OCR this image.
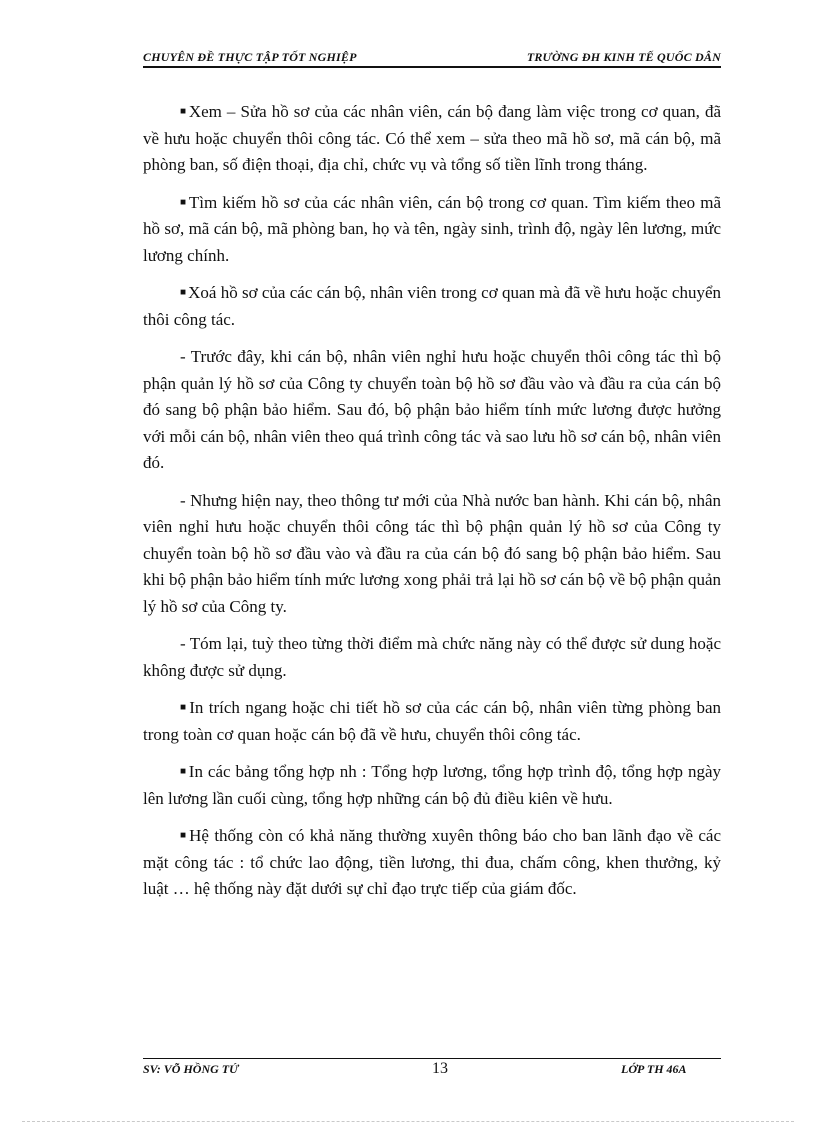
CHUYÊN ĐỀ THỰC TẬP TỐT NGHIỆP	TRƯỜNG ĐH KINH TẾ QUỐC DÂN

■ Xem – Sửa hồ sơ của các nhân viên, cán bộ đang làm việc trong cơ quan, đã về hưu hoặc chuyển thôi công tác. Có thể xem – sửa theo mã hồ sơ, mã cán bộ, mã phòng ban, số điện thoại, địa chỉ, chức vụ và tổng số tiền lĩnh trong tháng.

■ Tìm kiếm hồ sơ của các nhân viên, cán bộ trong cơ quan. Tìm kiếm theo mã hồ sơ, mã cán bộ, mã phòng ban, họ và tên, ngày sinh, trình độ, ngày lên lương, mức lương chính.

■ Xoá hồ sơ của các cán bộ, nhân viên trong cơ quan mà đã về hưu hoặc chuyển thôi công tác.

- Trước đây, khi cán bộ, nhân viên nghỉ hưu hoặc chuyển thôi công tác thì bộ phận quản lý hồ sơ của Công ty chuyển toàn bộ hồ sơ đầu vào và đầu ra của cán bộ đó sang bộ phận bảo hiểm. Sau đó, bộ phận bảo hiểm tính mức lương được hưởng với mỗi cán bộ, nhân viên theo quá trình công tác và sao lưu hồ sơ cán bộ, nhân viên đó.

- Nhưng hiện nay, theo thông tư mới của Nhà nước ban hành. Khi cán bộ, nhân viên nghỉ hưu hoặc chuyển thôi công tác thì bộ phận quản lý hồ sơ của Công ty chuyển toàn bộ hồ sơ đầu vào và đầu ra của cán bộ đó sang bộ phận bảo hiểm. Sau khi bộ phận bảo hiểm tính mức lương xong phải trả lại hồ sơ cán bộ về bộ phận quản lý hồ sơ của Công ty.

- Tóm lại, tuỳ theo từng thời điểm mà chức năng này có thể được sử dung hoặc không được sử dụng.

■ In trích ngang hoặc chi tiết hồ sơ của các cán bộ, nhân viên từng phòng ban trong toàn cơ quan hoặc cán bộ đã về hưu, chuyển thôi công tác.

■ In các bảng tổng hợp nh : Tổng hợp lương, tổng hợp trình độ, tổng hợp ngày lên lương lần cuối cùng, tổng hợp những cán bộ đủ điều kiên về hưu.

■ Hệ thống còn có khả năng thường xuyên thông báo cho ban lãnh đạo về các mặt công tác : tổ chức lao động, tiền lương, thi đua, chấm công, khen thưởng, kỷ luật … hệ thống này đặt dưới sự chỉ đạo trực tiếp của giám đốc.

SV: VÕ HỒNG TỨ	13	LỚP TH 46A
